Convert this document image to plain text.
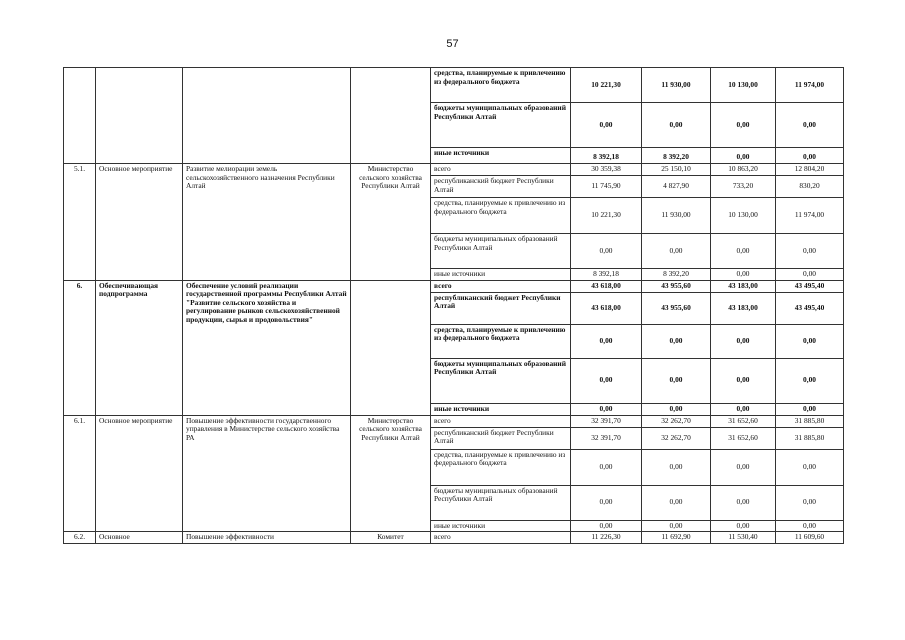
57
				средства, планируемые к привлечению из федерального бюджета	10 221,30	11 930,00	10 130,00	11 974,00
				бюджеты муниципальных образований Республики Алтай	0,00	0,00	0,00	0,00
				иные источники	8 392,18	8 392,20	0,00	0,00
5.1.	Основное мероприятие	Развитие мелиорации земель сельскохозяйственного назначения Республики Алтай	Министерство сельского хозяйства Республики Алтай	всего	30 359,38	25 150,10	10 863,20	12 804,20
				республиканский бюджет Республики Алтай	11 745,90	4 827,90	733,20	830,20
				средства, планируемые к привлечению из федерального бюджета	10 221,30	11 930,00	10 130,00	11 974,00
				бюджеты муниципальных образований Республики Алтай	0,00	0,00	0,00	0,00
				иные источники	8 392,18	8 392,20	0,00	0,00
6.	Обеспечивающая подпрограмма	Обеспечение условий реализации государственной программы Республики Алтай "Развитие сельского хозяйства и регулирование рынков сельскохозяйственной продукции, сырья и продовольствия"		всего	43 618,00	43 955,60	43 183,00	43 495,40
				республиканский бюджет Республики Алтай	43 618,00	43 955,60	43 183,00	43 495,40
				средства, планируемые к привлечению из федерального бюджета	0,00	0,00	0,00	0,00
				бюджеты муниципальных образований Республики Алтай	0,00	0,00	0,00	0,00
				иные источники	0,00	0,00	0,00	0,00
6.1.	Основное мероприятие	Повышение эффективности государственного управления в Министерстве сельского хозяйства РА	Министерство сельского хозяйства Республики Алтай	всего	32 391,70	32 262,70	31 652,60	31 885,80
				республиканский бюджет Республики Алтай	32 391,70	32 262,70	31 652,60	31 885,80
				средства, планируемые к привлечению из федерального бюджета	0,00	0,00	0,00	0,00
				бюджеты муниципальных образований Республики Алтай	0,00	0,00	0,00	0,00
				иные источники	0,00	0,00	0,00	0,00
6.2.	Основное	Повышение эффективности	Комитет	всего	11 226,30	11 692,90	11 530,40	11 609,60
